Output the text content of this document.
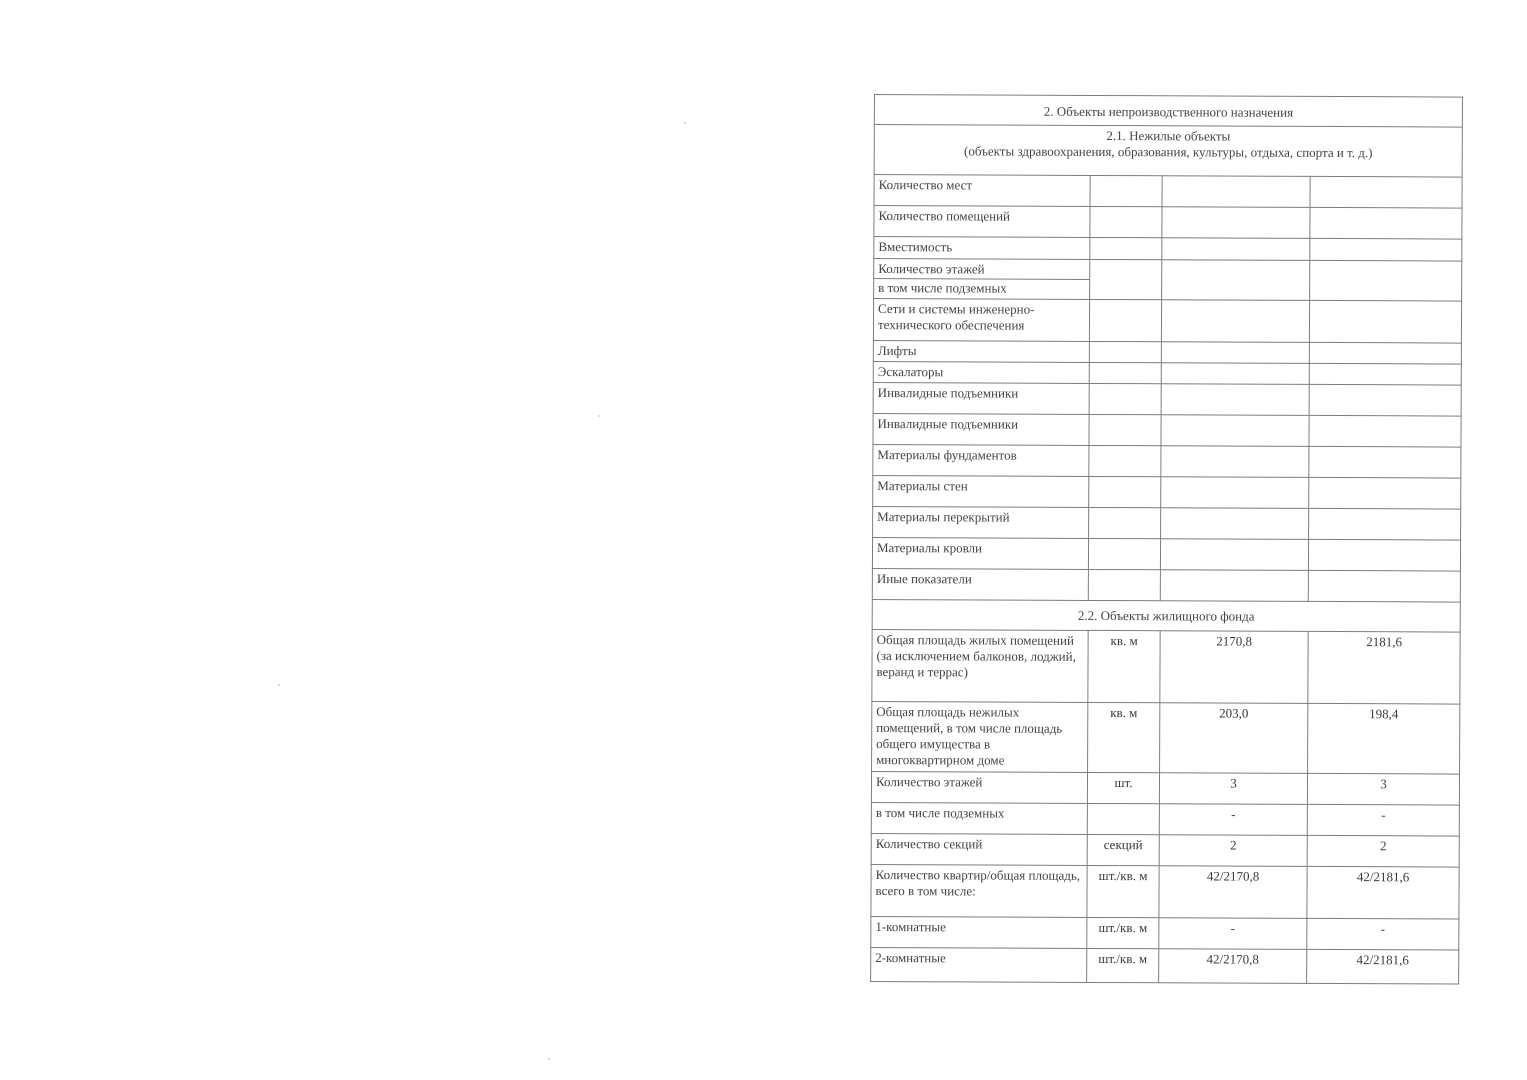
2. Объекты непроизводственного назначения			

2.1. Нежилые объекты
(объекты здравоохранения, образования, культуры, отдыха, спорта и т. д.)			

Количество мест			
Количество помещений			
Вместимость			

Количество этажей
в том числе подземных			

Сети и системы инженерно-технического обеспечения			
Лифты			
Эскалаторы			
Инвалидные подъемники			
Инвалидные подъемники			
Материалы фундаментов			
Материалы стен			
Материалы перекрытий			
Материалы кровли			
Иные показатели			
2.2. Объекты жилищного фонда			
Общая площадь жилых помещений (за исключением балконов, лоджий, веранд и террас)	кв. м	2170,8	2181,6
Общая площадь нежилых помещений, в том числе площадь общего имущества в многоквартирном доме	кв. м	203,0	198,4
Количество этажей	шт.	3	3
в том числе подземных		-	-
Количество секций	секций	2	2
Количество квартир/общая площадь, всего в том числе:	шт./кв. м	42/2170,8	42/2181,6
1-комнатные	шт./кв. м	-	-
2-комнатные	шт./кв. м	42/2170,8	42/2181,6
